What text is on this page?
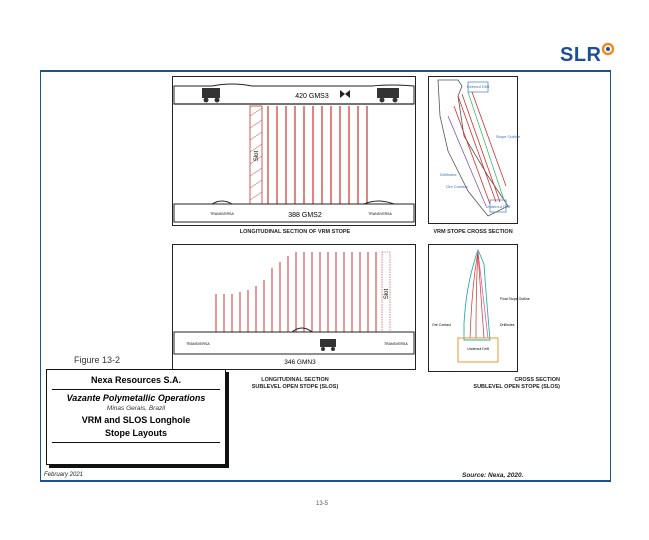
SLR
420 GMS3
Slot
TRANSVERSA	TRANSVERSA
388 GMS2
LONGITUDINAL SECTION OF VRM STOPE
Overcut Drift
Stope Outline
Drillholes
Ore Contact
Undercut Drift
VRM STOPE CROSS SECTION
Slot
TRANSVERSA	TRANSVERSA
346 GMN3
LONGITUDINAL SECTION
SUBLEVEL OPEN STOPE (SLOS)
Final Stope Outline
Ore Contact	Drillholes
Undercut Drift
CROSS SECTION
SUBLEVEL OPEN STOPE (SLOS)
Figure 13-2
Nexa Resources S.A.
Vazante Polymetallic Operations
Minas Gerais, Brazil
VRM and SLOS Longhole
Stope Layouts
February 2021	Source: Nexa, 2020.
13-5
